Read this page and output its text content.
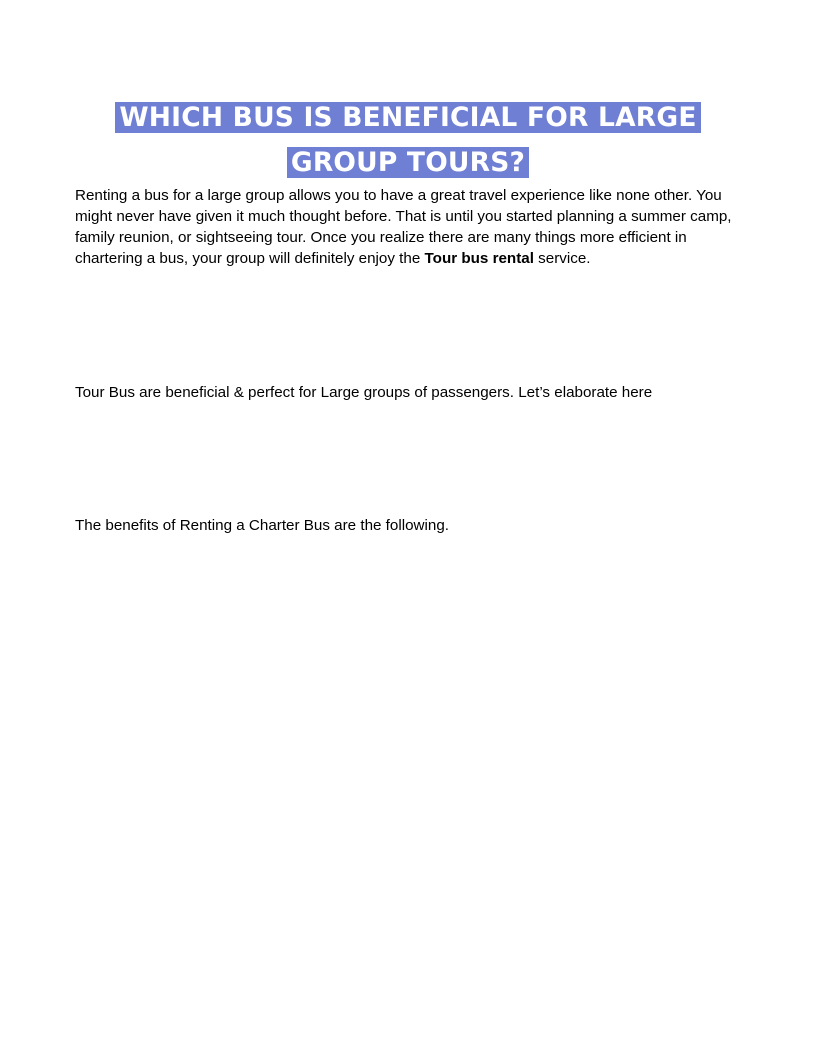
WHICH BUS IS BENEFICIAL FOR LARGE GROUP TOURS?

Renting a bus for a large group allows you to have a great travel experience like none other. You might never have given it much thought before. That is until you started planning a summer camp, family reunion, or sightseeing tour. Once you realize there are many things more efficient in chartering a bus, your group will definitely enjoy the Tour bus rental service.

Tour Bus are beneficial & perfect for Large groups of passengers. Let’s elaborate here

The benefits of Renting a Charter Bus are the following.
